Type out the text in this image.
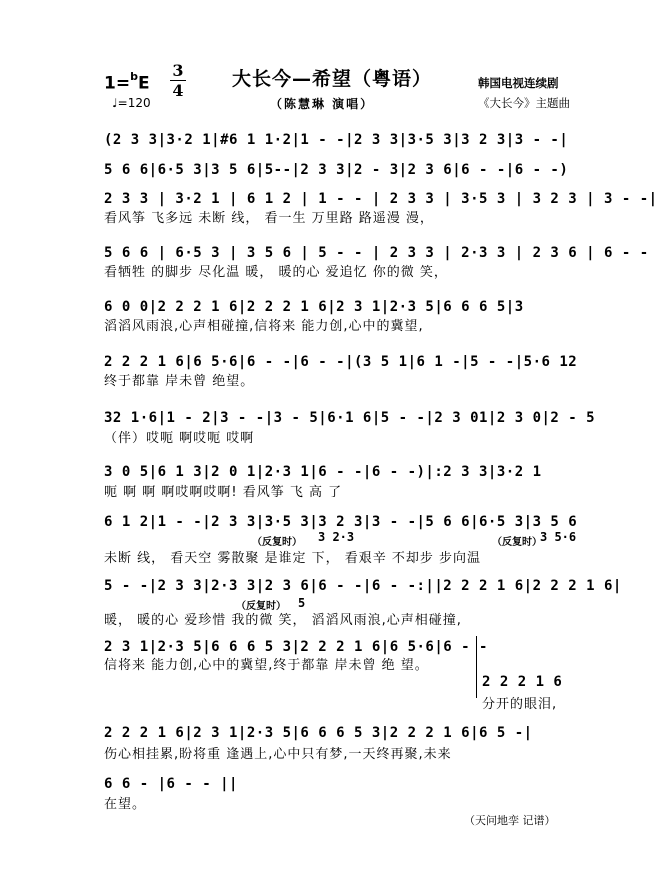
1=$^b$E
3
4
♩=120
大长今—希望（粤语）
（陈慧琳 演唱）
韩国电视连续剧
《大长今》主题曲
(2 3 3|3·2 1|#6 1 1·2|1 - -|2 3 3|3·5 3|3 2 3|3 - -|
5 6 6|6·5 3|3 5 6|5--|2 3 3|2 - 3|2 3 6|6 - -|6 - -)
2 3 3 | 3·2 1 | 6 1 2 | 1 - - | 2 3 3 | 3·5 3 | 3 2 3 | 3 - -|
看风筝 飞多远 未断 线， 看一生 万里路 路遥漫 漫，
5 6 6 | 6·5 3 | 3 5 6 | 5 - - | 2 3 3 | 2·3 3 | 2 3 6 | 6 - -
看牺牲 的脚步 尽化温 暖， 暖的心 爱追忆 你的微 笑，
6 0 0|2 2 2 1 6|2 2 2 1 6|2 3 1|2·3 5|6 6 6 5|3
滔滔风雨浪,心声相碰撞,信将来 能力创,心中的冀望,
2 2 2 1 6|6 5·6|6 - -|6 - -|(3 5 1|6 1 -|5 - -|5·6 12
终于都靠 岸未曾 绝望。
32 1·6|1 - 2|3 - -|3 - 5|6·1 6|5 - -|2 3 01|2 3 0|2 - 5
（伴）哎呃 啊哎呃 哎啊
3 0 5|6 1 3|2 0 1|2·3 1|6 - -|6 - -)|:2 3 3|3·2 1
呃 啊 啊 啊哎啊哎啊! 看风筝 飞 高 了
6 1 2|1 - -|2 3 3|3·5 3|3 2 3|3 - -|5 6 6|6·5 3|3 5 6
（反复时） 3 2·3	（反复时）
3 5·6
未断 线， 看天空 雾散聚 是谁定 下， 看艰辛 不却步 步向温
5 - -|2 3 3|2·3 3|2 3 6|6 - -|6 - -:||2 2 2 1 6|2 2 2 1 6|
（反复时） 5
暖， 暖的心 爱珍惜 我的微 笑， 滔滔风雨浪,心声相碰撞,
2 3 1|2·3 5|6 6 6 5 3|2 2 2 1 6|6 5·6|6 - -
信将来 能力创,心中的冀望,终于都靠 岸未曾 绝 望。
2 2 2 1 6
分开的眼泪,
2 2 2 1 6|2 3 1|2·3 5|6 6 6 5 3|2 2 2 1 6|6 5 -|
伤心相挂累,盼将重 逢遇上,心中只有梦,一天终再聚,未来
6 6 - |6 - - ||
在望。
（天问地孪 记谱）
